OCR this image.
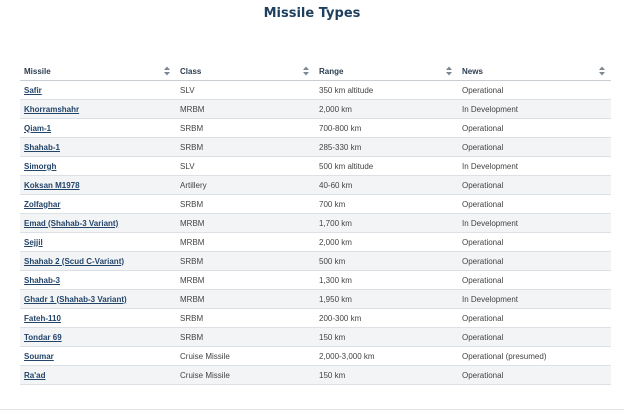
Missile Types
Missile	Class	Range	News

Safir	SLV	350 km altitude	Operational
Khorramshahr	MRBM	2,000 km	In Development
Qiam-1	SRBM	700-800 km	Operational
Shahab-1	SRBM	285-330 km	Operational
Simorgh	SLV	500 km altitude	In Development
Koksan M1978	Artillery	40-60 km	Operational
Zolfaghar	SRBM	700 km	Operational
Emad (Shahab-3 Variant)	MRBM	1,700 km	In Development
Sejjil	MRBM	2,000 km	Operational
Shahab 2 (Scud C-Variant)	SRBM	500 km	Operational
Shahab-3	MRBM	1,300 km	Operational
Ghadr 1 (Shahab-3 Variant)	MRBM	1,950 km	In Development
Fateh-110	SRBM	200-300 km	Operational
Tondar 69	SRBM	150 km	Operational
Soumar	Cruise Missile	2,000-3,000 km	Operational (presumed)
Ra'ad	Cruise Missile	150 km	Operational
